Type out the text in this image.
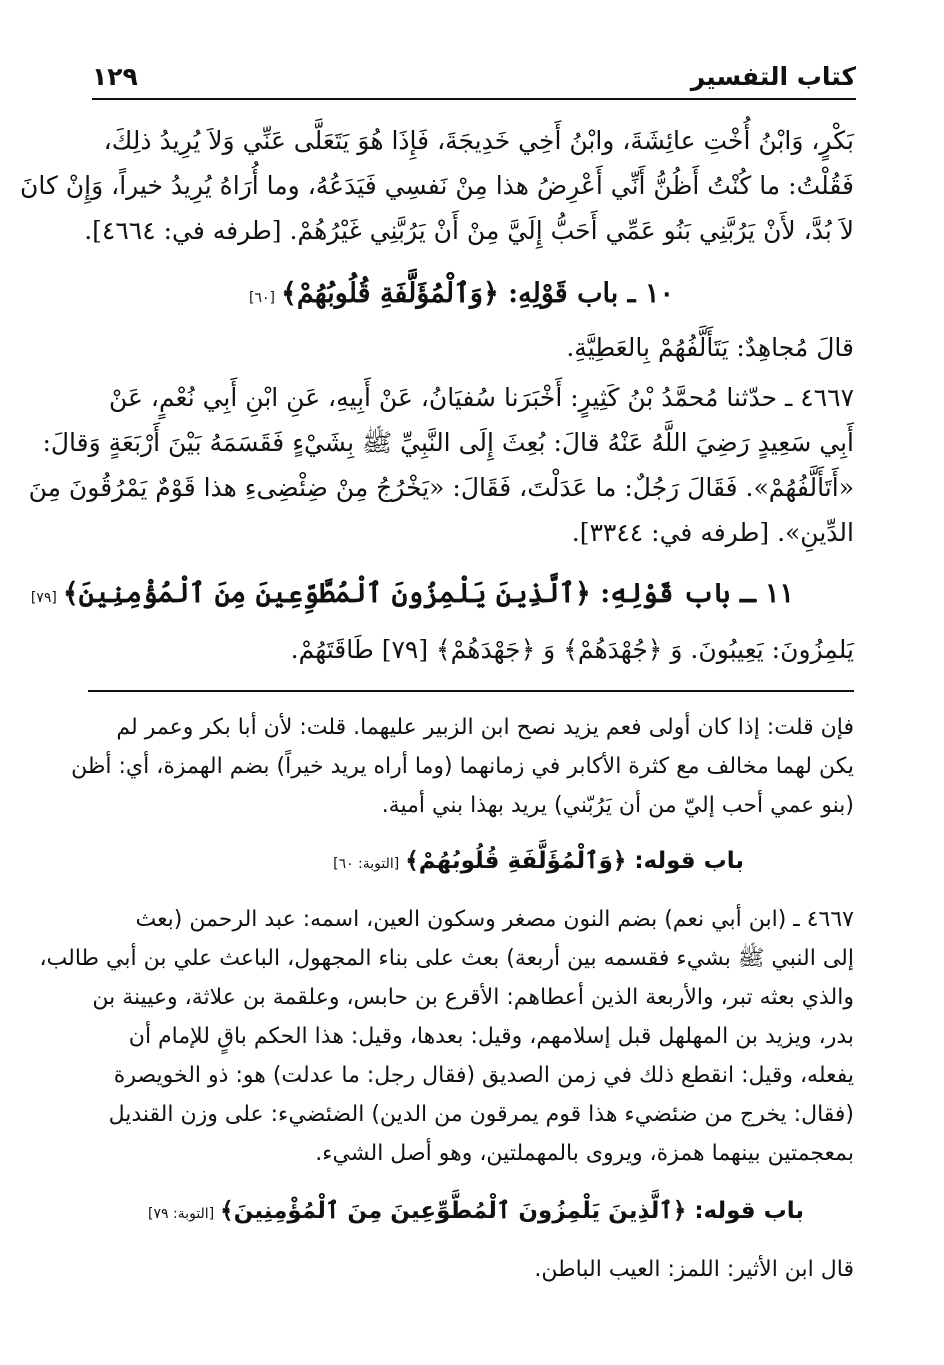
كتاب التفسير
١٢٩
بَكْرٍ، وَابْنُ أُخْتِ عائِشَةَ، وابْنُ أَخِي خَدِيجَةَ، فَإِذَا هُوَ يَتَعَلَّى عَنِّي وَلاَ يُرِيدُ ذلِكَ،
فَقُلْتُ: ما كُنْتُ أَظُنُّ أَنِّي أَعْرِضُ هذا مِنْ نَفسِي فَيَدَعُهُ، وما أُرَاهُ يُرِيدُ خيراً، وَإِنْ كانَ
لاَ بُدَّ، لأَنْ يَرُبَّنِي بَنُو عَمِّي أَحَبُّ إِلَيَّ مِنْ أَنْ يَرُبَّنِي غَيْرُهُمْ. [طرفه في: ٤٦٦٤].
١٠ ـ باب قَوْلِهِ: ﴿وَٱلْمُؤَلَّفَةِ قُلُوبُهُمْ﴾[٦٠]
قالَ مُجاهِدٌ: يَتَأَلَّفُهُمْ بِالعَطِيَّةِ.
٤٦٦٧ ـ حدّثنا مُحمَّدُ بْنُ كَثِيرٍ: أَخْبَرَنا سُفيَانُ، عَنْ أَبِيهِ، عَنِ ابْنِ أَبِي نُعْمٍ، عَنْ
أَبِي سَعِيدٍ رَضِيَ اللَّهُ عَنْهُ قالَ: بُعِثَ إِلَى النَّبِيِّ ﷺ بِشَيْءٍ فَقَسَمَهُ بَيْنَ أَرْبَعَةٍ وَقالَ:
«أَتَأَلَّفُهُمْ». فَقَالَ رَجُلٌ: ما عَدَلْتَ، فَقَالَ: «يَخْرُجُ مِنْ ضِئْضِىءِ هذا قَوْمٌ يَمْرُقُونَ مِنَ
الدِّينِ». [طرفه في: ٣٣٤٤].
١١ ـ باب قَوْلِهِ: ﴿ٱلَّذِينَ يَلْمِزُونَ ٱلْمُطَّوِّعِينَ مِنَ ٱلْمُؤْمِنِينَ﴾[٧٩]
يَلمِزُونَ: يَعِيبُونَ. وَ ﴿جُهْدَهُمْ﴾ وَ ﴿جَهْدَهُمْ﴾ [٧٩] طَاقَتَهُمْ.
فإن قلت: إذا كان أولى فعم يزيد نصح ابن الزبير عليهما. قلت: لأن أبا بكر وعمر لم
يكن لهما مخالف مع كثرة الأكابر في زمانهما (وما أراه يريد خيراً) بضم الهمزة، أي: أظن
(بنو عمي أحب إليّ من أن يَرُبّني) يريد بهذا بني أمية.
باب قوله: ﴿وَٱلْمُؤَلَّفَةِ قُلُوبُهُمْ﴾[التوبة: ٦٠]
٤٦٦٧ ـ (ابن أبي نعم) بضم النون مصغر وسكون العين، اسمه: عبد الرحمن (بعث
إلى النبي ﷺ بشيء فقسمه بين أربعة) بعث على بناء المجهول، الباعث علي بن أبي طالب،
والذي بعثه تبر، والأربعة الذين أعطاهم: الأقرع بن حابس، وعلقمة بن علاثة، وعيينة بن
بدر، ويزيد بن المهلهل قبل إسلامهم، وقيل: بعدها، وقيل: هذا الحكم باقٍ للإمام أن
يفعله، وقيل: انقطع ذلك في زمن الصديق (فقال رجل: ما عدلت) هو: ذو الخويصرة
(فقال: يخرج من ضئضيء هذا قوم يمرقون من الدين) الضئضيء: على وزن القنديل
بمعجمتين بينهما همزة، ويروى بالمهملتين، وهو أصل الشيء.
باب قوله: ﴿ٱلَّذِينَ يَلْمِزُونَ ٱلْمُطَّوِّعِينَ مِنَ ٱلْمُؤْمِنِينَ﴾[التوبة: ٧٩]
قال ابن الأثير: اللمز: العيب الباطن.
